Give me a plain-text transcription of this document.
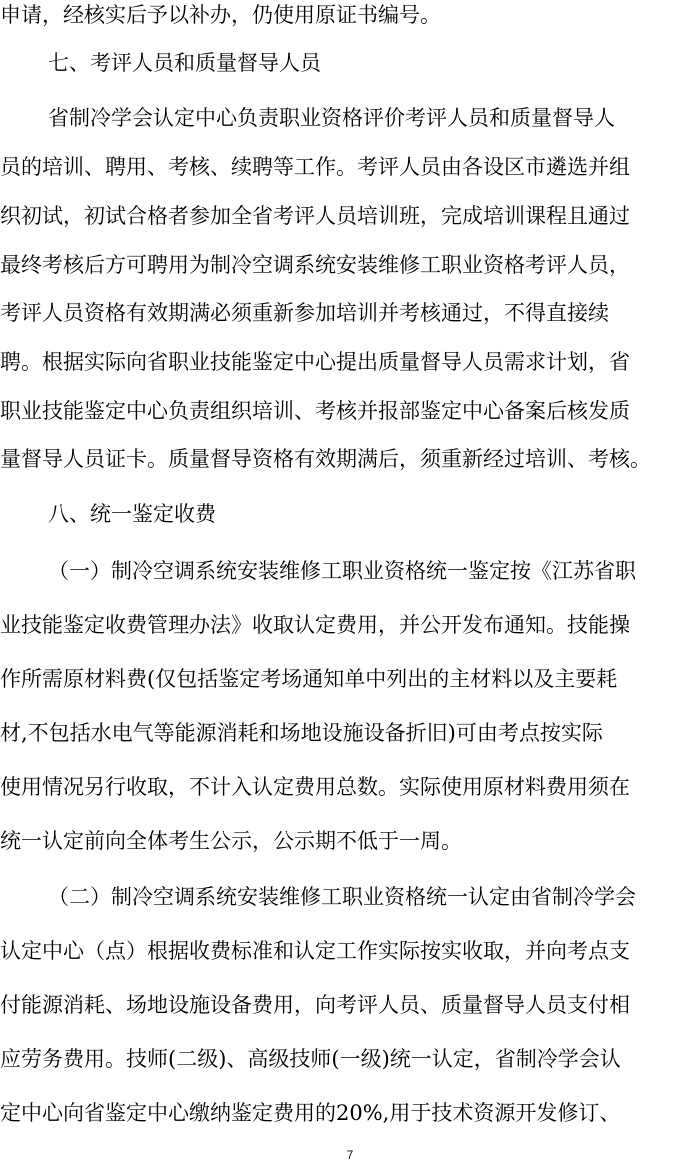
申请，经核实后予以补办，仍使用原证书编号。
七、考评人员和质量督导人员
省制冷学会认定中心负责职业资格评价考评人员和质量督导人
员的培训、聘用、考核、续聘等工作。考评人员由各设区市遴选并组
织初试，初试合格者参加全省考评人员培训班，完成培训课程且通过
最终考核后方可聘用为制冷空调系统安装维修工职业资格考评人员，
考评人员资格有效期满必须重新参加培训并考核通过，不得直接续
聘。根据实际向省职业技能鉴定中心提出质量督导人员需求计划，省
职业技能鉴定中心负责组织培训、考核并报部鉴定中心备案后核发质
量督导人员证卡。质量督导资格有效期满后，须重新经过培训、考核。
八、统一鉴定收费
（一）制冷空调系统安装维修工职业资格统一鉴定按《江苏省职
业技能鉴定收费管理办法》收取认定费用，并公开发布通知。技能操
作所需原材料费(仅包括鉴定考场通知单中列出的主材料以及主要耗
材,不包括水电气等能源消耗和场地设施设备折旧)可由考点按实际
使用情况另行收取，不计入认定费用总数。实际使用原材料费用须在
统一认定前向全体考生公示，公示期不低于一周。
（二）制冷空调系统安装维修工职业资格统一认定由省制冷学会
认定中心（点）根据收费标准和认定工作实际按实收取，并向考点支
付能源消耗、场地设施设备费用，向考评人员、质量督导人员支付相
应劳务费用。技师(二级)、高级技师(一级)统一认定，省制冷学会认
定中心向省鉴定中心缴纳鉴定费用的20%,用于技术资源开发修订、
7
